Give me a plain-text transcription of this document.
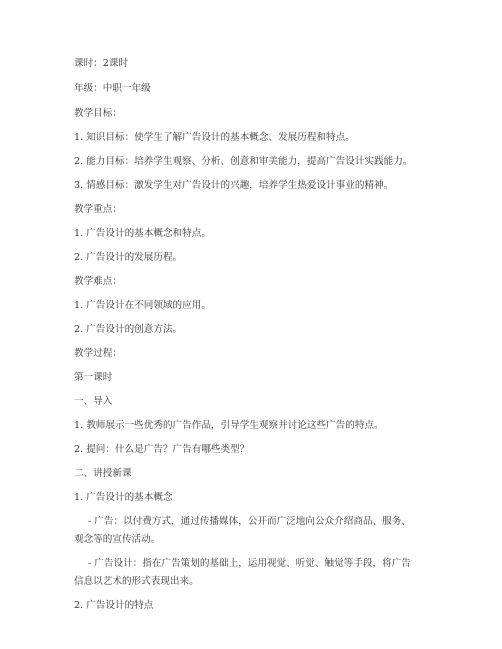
课时：2课时
年级：中职一年级
教学目标：
1. 知识目标：使学生了解广告设计的基本概念、发展历程和特点。
2. 能力目标：培养学生观察、分析、创意和审美能力，提高广告设计实践能力。
3. 情感目标：激发学生对广告设计的兴趣，培养学生热爱设计事业的精神。
教学重点：
1. 广告设计的基本概念和特点。
2. 广告设计的发展历程。
教学难点：
1. 广告设计在不同领域的应用。
2. 广告设计的创意方法。
教学过程：
第一课时
一、导入
1. 教师展示一些优秀的广告作品，引导学生观察并讨论这些广告的特点。
2. 提问：什么是广告？广告有哪些类型？
二、讲授新课
1. 广告设计的基本概念
- 广告：以付费方式，通过传播媒体，公开而广泛地向公众介绍商品、服务、
观念等的宣传活动。
- 广告设计：指在广告策划的基础上，运用视觉、听觉、触觉等手段，将广告
信息以艺术的形式表现出来。
2. 广告设计的特点
